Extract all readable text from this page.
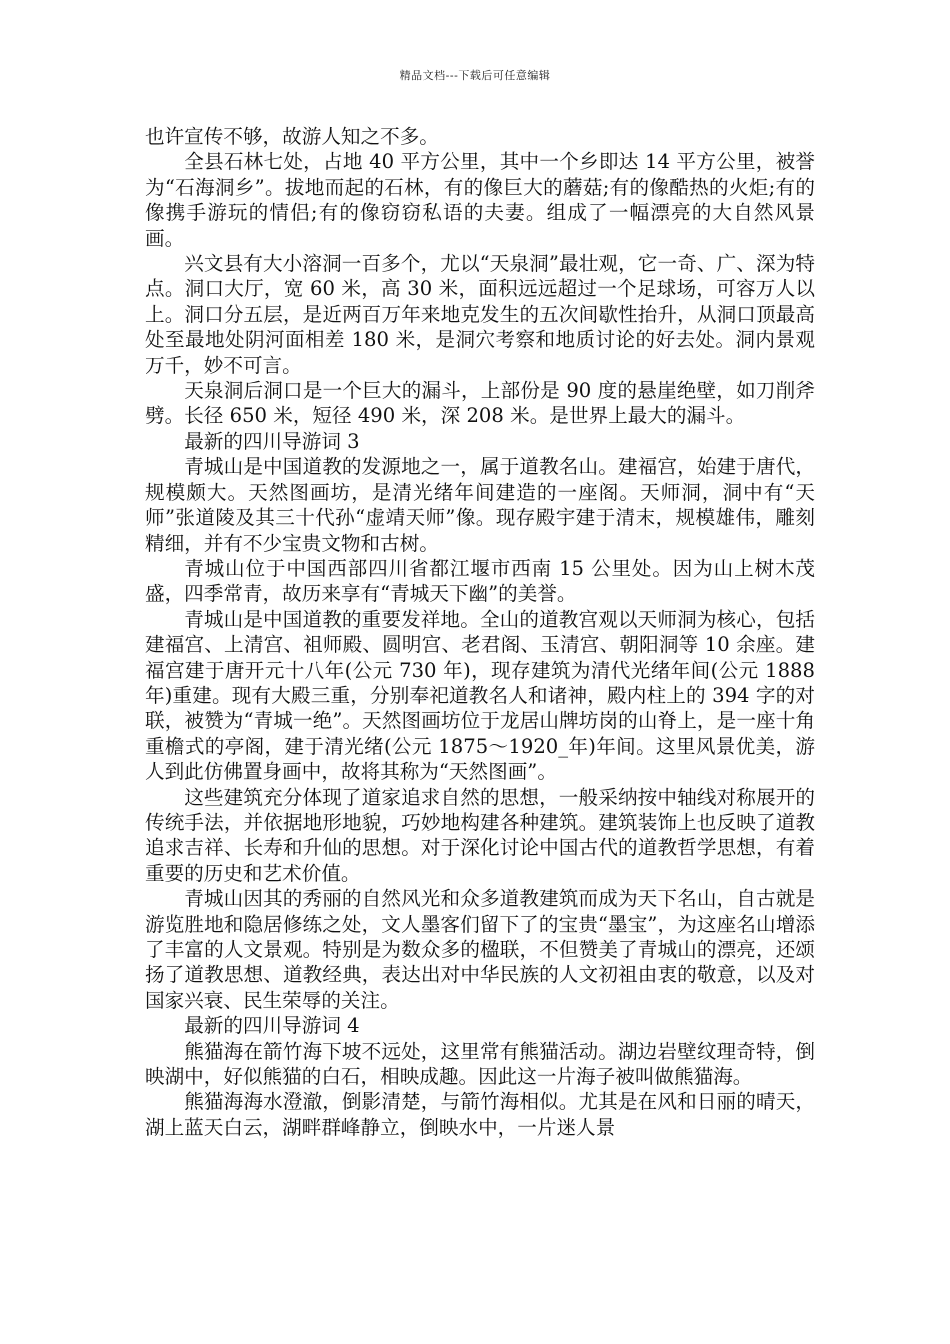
精品文档---下载后可任意编辑

也许宣传不够，故游人知之不多。

全县石林七处，占地 40 平方公里，其中一个乡即达 14 平方公里，被誉为“石海洞乡”。拔地而起的石林，有的像巨大的蘑菇;有的像酷热的火炬;有的像携手游玩的情侣;有的像窃窃私语的夫妻。组成了一幅漂亮的大自然风景画。

兴文县有大小溶洞一百多个，尤以“天泉洞”最壮观，它一奇、广、深为特点。洞口大厅，宽 60 米，高 30 米，面积远远超过一个足球场，可容万人以上。洞口分五层，是近两百万年来地克发生的五次间歇性抬升，从洞口顶最高处至最地处阴河面相差 180 米，是洞穴考察和地质讨论的好去处。洞内景观万千，妙不可言。

天泉洞后洞口是一个巨大的漏斗，上部份是 90 度的悬崖绝壁，如刀削斧劈。长径 650 米，短径 490 米，深 208 米。是世界上最大的漏斗。

最新的四川导游词 3

青城山是中国道教的发源地之一，属于道教名山。建福宫，始建于唐代，规模颇大。天然图画坊，是清光绪年间建造的一座阁。天师洞，洞中有“天师”张道陵及其三十代孙“虚靖天师”像。现存殿宇建于清末，规模雄伟，雕刻精细，并有不少宝贵文物和古树。

青城山位于中国西部四川省都江堰市西南 15 公里处。因为山上树木茂盛，四季常青，故历来享有“青城天下幽”的美誉。

青城山是中国道教的重要发祥地。全山的道教宫观以天师洞为核心，包括建福宫、上清宫、祖师殿、圆明宫、老君阁、玉清宫、朝阳洞等 10 余座。建福宫建于唐开元十八年(公元 730 年)，现存建筑为清代光绪年间(公元 1888 年)重建。现有大殿三重，分别奉祀道教名人和诸神，殿内柱上的 394 字的对联，被赞为“青城一绝”。天然图画坊位于龙居山牌坊岗的山脊上，是一座十角重檐式的亭阁，建于清光绪(公元 1875～1920_年)年间。这里风景优美，游人到此仿佛置身画中，故将其称为“天然图画”。

这些建筑充分体现了道家追求自然的思想，一般采纳按中轴线对称展开的传统手法，并依据地形地貌，巧妙地构建各种建筑。建筑装饰上也反映了道教追求吉祥、长寿和升仙的思想。对于深化讨论中国古代的道教哲学思想，有着重要的历史和艺术价值。

青城山因其的秀丽的自然风光和众多道教建筑而成为天下名山，自古就是游览胜地和隐居修练之处，文人墨客们留下了的宝贵“墨宝”，为这座名山增添了丰富的人文景观。特别是为数众多的楹联，不但赞美了青城山的漂亮，还颂扬了道教思想、道教经典，表达出对中华民族的人文初祖由衷的敬意，以及对国家兴衰、民生荣辱的关注。

最新的四川导游词 4

熊猫海在箭竹海下坡不远处，这里常有熊猫活动。湖边岩壁纹理奇特，倒映湖中，好似熊猫的白石，相映成趣。因此这一片海子被叫做熊猫海。

熊猫海海水澄澈，倒影清楚，与箭竹海相似。尤其是在风和日丽的晴天，湖上蓝天白云，湖畔群峰静立，倒映水中，一片迷人景
